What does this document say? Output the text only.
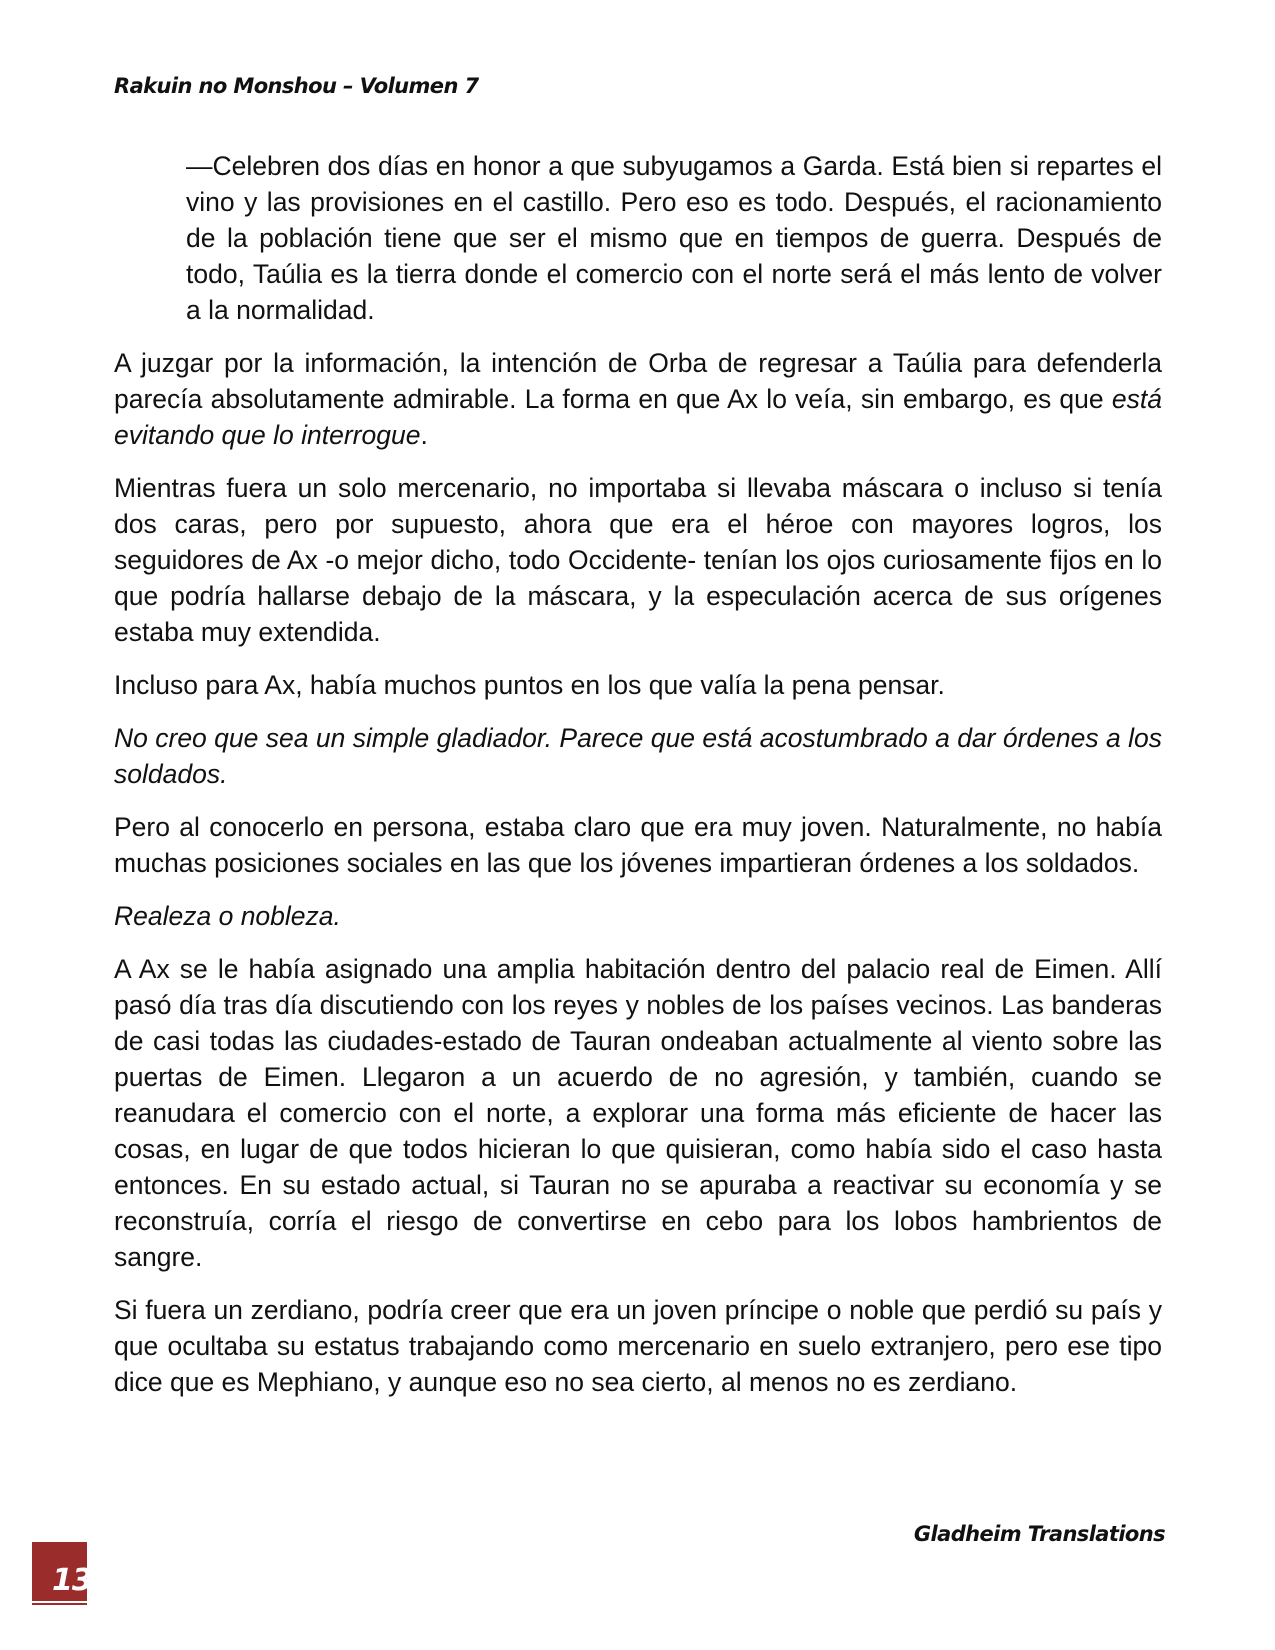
Rakuin no Monshou – Volumen 7

—Celebren dos días en honor a que subyugamos a Garda. Está bien si repartes el vino y las provisiones en el castillo. Pero eso es todo. Después, el racionamiento de la población tiene que ser el mismo que en tiempos de guerra. Después de todo, Taúlia es la tierra donde el comercio con el norte será el más lento de volver a la normalidad.

A juzgar por la información, la intención de Orba de regresar a Taúlia para defenderla parecía absolutamente admirable. La forma en que Ax lo veía, sin embargo, es que está evitando que lo interrogue.

Mientras fuera un solo mercenario, no importaba si llevaba máscara o incluso si tenía dos caras, pero por supuesto, ahora que era el héroe con mayores logros, los seguidores de Ax -o mejor dicho, todo Occidente- tenían los ojos curiosamente fijos en lo que podría hallarse debajo de la máscara, y la especulación acerca de sus orígenes estaba muy extendida.

Incluso para Ax, había muchos puntos en los que valía la pena pensar.

No creo que sea un simple gladiador. Parece que está acostumbrado a dar órdenes a los soldados.

Pero al conocerlo en persona, estaba claro que era muy joven. Naturalmente, no había muchas posiciones sociales en las que los jóvenes impartieran órdenes a los soldados.

Realeza o nobleza.

A Ax se le había asignado una amplia habitación dentro del palacio real de Eimen. Allí pasó día tras día discutiendo con los reyes y nobles de los países vecinos. Las banderas de casi todas las ciudades-estado de Tauran ondeaban actualmente al viento sobre las puertas de Eimen. Llegaron a un acuerdo de no agresión, y también, cuando se reanudara el comercio con el norte, a explorar una forma más eficiente de hacer las cosas, en lugar de que todos hicieran lo que quisieran, como había sido el caso hasta entonces. En su estado actual, si Tauran no se apuraba a reactivar su economía y se reconstruía, corría el riesgo de convertirse en cebo para los lobos hambrientos de sangre.

Si fuera un zerdiano, podría creer que era un joven príncipe o noble que perdió su país y que ocultaba su estatus trabajando como mercenario en suelo extranjero, pero ese tipo dice que es Mephiano, y aunque eso no sea cierto, al menos no es zerdiano.

Gladheim Translations
13
